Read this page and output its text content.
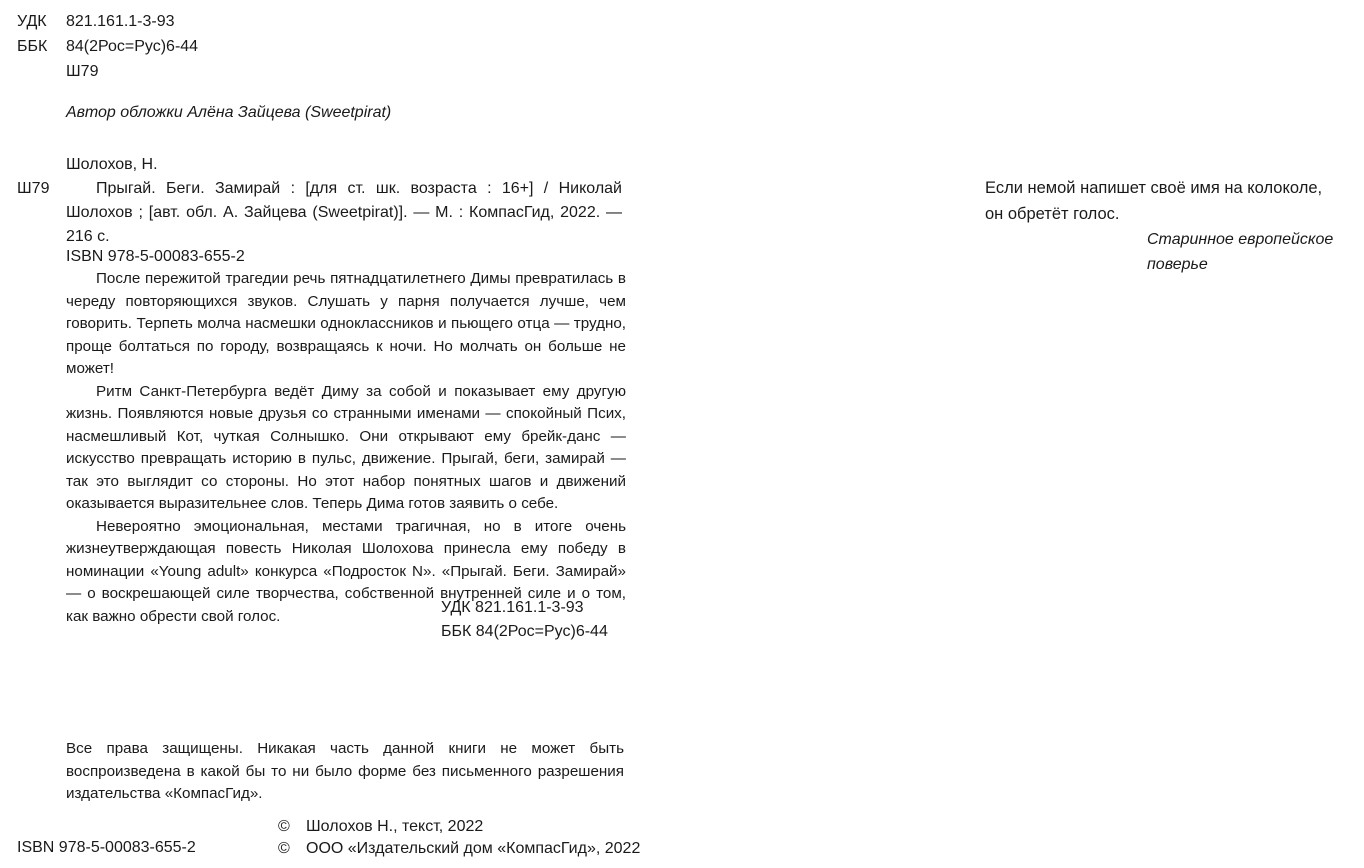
УДК 821.161.1-3-93
ББК 84(2Рос=Рус)6-44
Ш79
Автор обложки Алёна Зайцева (Sweetpirat)
Шолохов, Н.
Ш79	Прыгай. Беги. Замирай : [для ст. шк. возраста : 16+] / Николай Шолохов ; [авт. обл. А. Зайцева (Sweetpirat)]. — М. : КомпасГид, 2022. — 216 с.
ISBN 978-5-00083-655-2
После пережитой трагедии речь пятнадцатилетнего Димы превратилась в череду повторяющихся звуков. Слушать у парня получается лучше, чем говорить. Терпеть молча насмешки одноклассников и пьющего отца — трудно, проще болтаться по городу, возвращаясь к ночи. Но молчать он больше не может!
Ритм Санкт-Петербурга ведёт Диму за собой и показывает ему другую жизнь. Появляются новые друзья со странными именами — спокойный Псих, насмешливый Кот, чуткая Солнышко. Они открывают ему брейк-данс — искусство превращать историю в пульс, движение. Прыгай, беги, замирай — так это выглядит со стороны. Но этот набор понятных шагов и движений оказывается выразительнее слов. Теперь Дима готов заявить о себе.
Невероятно эмоциональная, местами трагичная, но в итоге очень жизнеутверждающая повесть Николая Шолохова принесла ему победу в номинации «Young adult» конкурса «Подросток N». «Прыгай. Беги. Замирай» — о воскрешающей силе творчества, собственной внутренней силе и о том, как важно обрести свой голос.	УДК 821.161.1-3-93
ББК 84(2Рос=Рус)6-44
Все права защищены. Никакая часть данной книги не может быть воспроизведена в какой бы то ни было форме без письменного разрешения издательства «КомпасГид».
ISBN 978-5-00083-655-2
© Шолохов Н., текст, 2022
© ООО «Издательский дом «КомпасГид», 2022
Если немой напишет своё имя на колоколе,
он обретёт голос.
Старинное европейское
поверье
